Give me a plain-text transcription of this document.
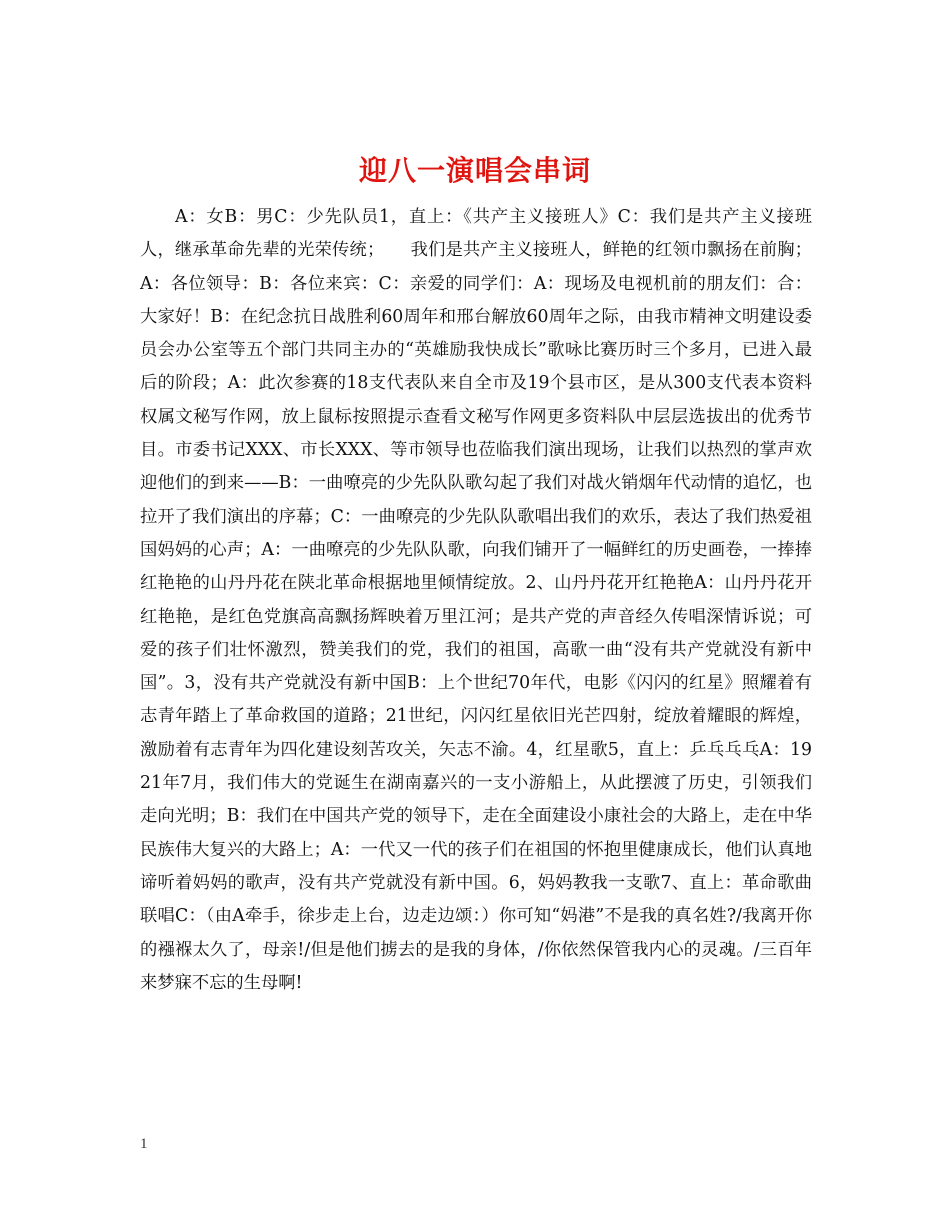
迎八一演唱会串词

A：女B：男C：少先队员1，直上：《共产主义接班人》C：我们是共产主义接班人，继承革命先辈的光荣传统；　　我们是共产主义接班人，鲜艳的红领巾飘扬在前胸；A：各位领导：B：各位来宾：C：亲爱的同学们：A：现场及电视机前的朋友们：合：大家好！B：在纪念抗日战胜利60周年和邢台解放60周年之际，由我市精神文明建设委员会办公室等五个部门共同主办的“英雄励我快成长”歌咏比赛历时三个多月，已进入最后的阶段；A：此次参赛的18支代表队来自全市及19个县市区，是从300支代表本资料权属文秘写作网，放上鼠标按照提示查看文秘写作网更多资料队中层层选拔出的优秀节目。市委书记XXX、市长XXX、等市领导也莅临我们演出现场，让我们以热烈的掌声欢迎他们的到来——B：一曲嘹亮的少先队队歌勾起了我们对战火销烟年代动情的追忆，也拉开了我们演出的序幕；C：一曲嘹亮的少先队队歌唱出我们的欢乐，表达了我们热爱祖国妈妈的心声；A：一曲嘹亮的少先队队歌，向我们铺开了一幅鲜红的历史画卷，一捧捧红艳艳的山丹丹花在陕北革命根据地里倾情绽放。2、山丹丹花开红艳艳A：山丹丹花开红艳艳，是红色党旗高高飘扬辉映着万里江河；是共产党的声音经久传唱深情诉说；可爱的孩子们壮怀激烈，赞美我们的党，我们的祖国，高歌一曲“没有共产党就没有新中国”。3，没有共产党就没有新中国B：上个世纪70年代，电影《闪闪的红星》照耀着有志青年踏上了革命救国的道路；21世纪，闪闪红星依旧光芒四射，绽放着耀眼的辉煌，激励着有志青年为四化建设刻苦攻关，矢志不渝。4，红星歌5，直上：乒乓乓乓A：1921年7月，我们伟大的党诞生在湖南嘉兴的一支小游船上，从此摆渡了历史，引领我们走向光明；B：我们在中国共产党的领导下，走在全面建设小康社会的大路上，走在中华民族伟大复兴的大路上；A：一代又一代的孩子们在祖国的怀抱里健康成长，他们认真地谛听着妈妈的歌声，没有共产党就没有新中国。6，妈妈教我一支歌7、直上：革命歌曲联唱C：（由A牵手，徐步走上台，边走边颂：）你可知“妈港”不是我的真名姓?/我离开你的襁褓太久了，母亲!/但是他们掳去的是我的身体，/你依然保管我内心的灵魂。/三百年来梦寐不忘的生母啊!

1
